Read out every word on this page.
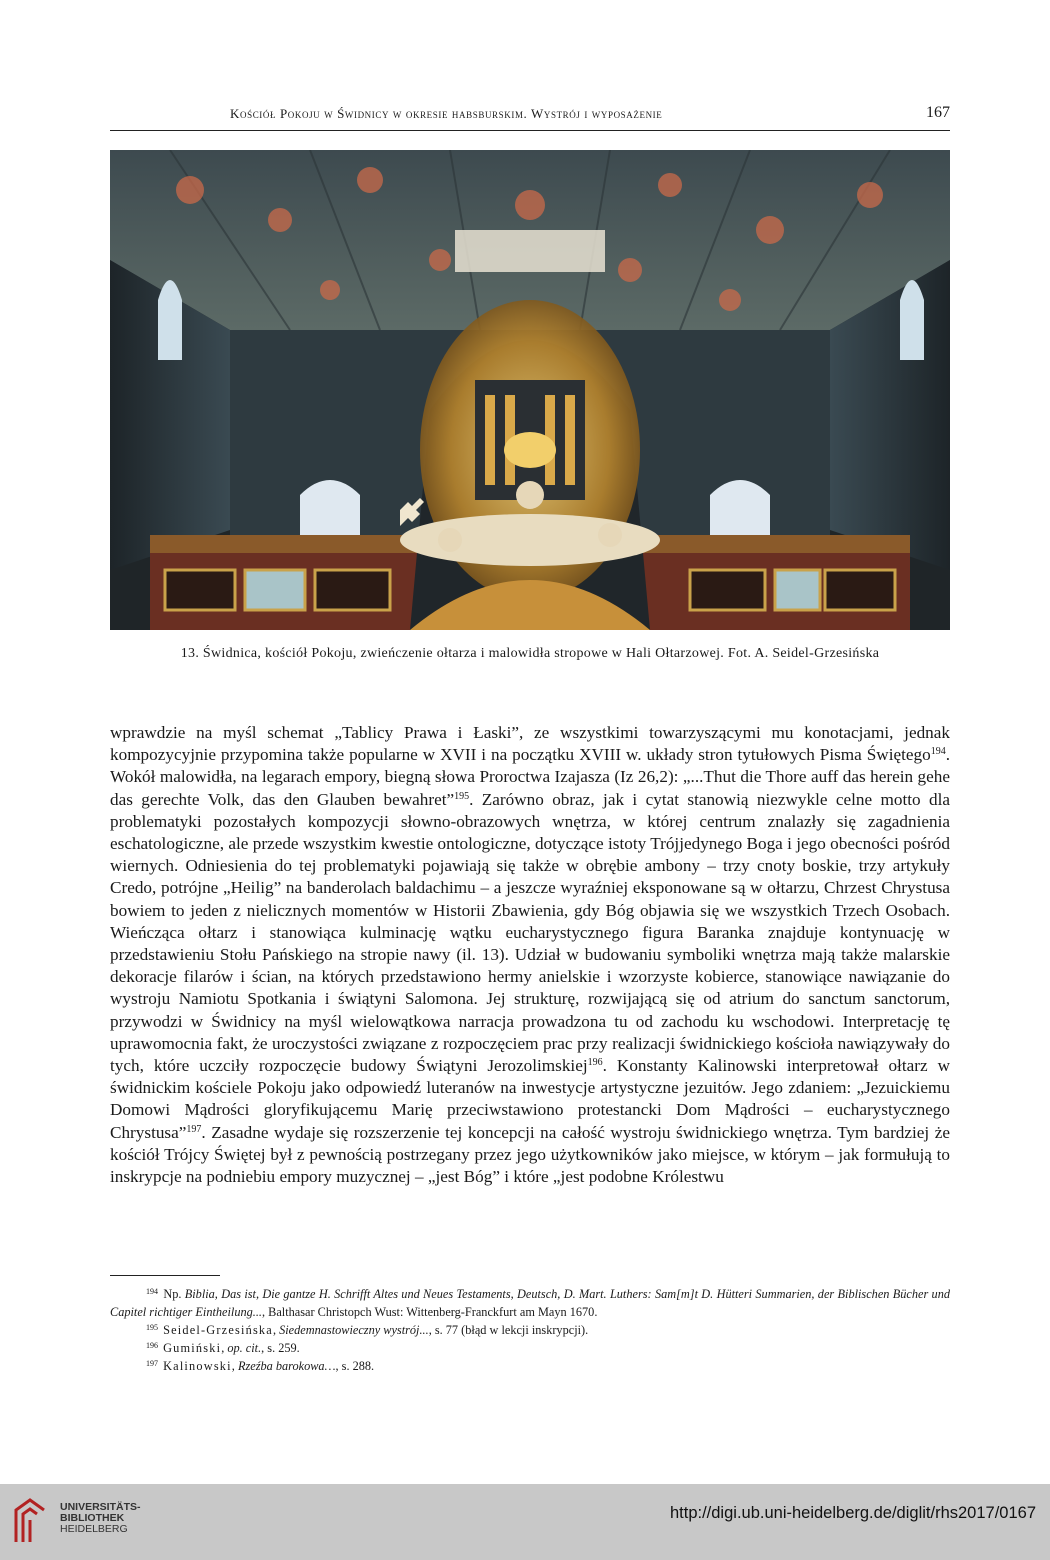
Kościół Pokoju w Świdnicy w okresie habsburskim. Wystrój i wyposażenie	167
13. Świdnica, kościół Pokoju, zwieńczenie ołtarza i malowidła stropowe w Hali Ołtarzowej. Fot. A. Seidel-Grzesińska

wprawdzie na myśl schemat „Tablicy Prawa i Łaski”, ze wszystkimi towarzyszącymi mu konotacjami, jednak kompozycyjnie przypomina także popularne w XVII i na początku XVIII w. układy stron tytułowych Pisma Świętego$^{194}$. Wokół malowidła, na legarach empory, biegną słowa Proroctwa Izajasza (Iz 26,2): „...Thut die Thore auff das herein gehe das gerechte Volk, das den Glauben bewahret”$^{195}$. Zarówno obraz, jak i cytat stanowią niezwykle celne motto dla problematyki pozostałych kompozycji słowno-obrazowych wnętrza, w której centrum znalazły się zagadnienia eschatologiczne, ale przede wszystkim kwestie ontologiczne, dotyczące istoty Trójjedynego Boga i jego obecności pośród wiernych. Odniesienia do tej problematyki pojawiają się także w obrębie ambony – trzy cnoty boskie, trzy artykuły Credo, potrójne „Heilig” na banderolach baldachimu – a jeszcze wyraźniej eksponowane są w ołtarzu, Chrzest Chrystusa bowiem to jeden z nielicznych momentów w Historii Zbawienia, gdy Bóg objawia się we wszystkich Trzech Osobach. Wieńcząca ołtarz i stanowiąca kulminację wątku eucharystycznego figura Baranka znajduje kontynuację w przedstawieniu Stołu Pańskiego na stropie nawy (il. 13). Udział w budowaniu symboliki wnętrza mają także malarskie dekoracje filarów i ścian, na których przedstawiono hermy anielskie i wzorzyste kobierce, stanowiące nawiązanie do wystroju Namiotu Spotkania i świątyni Salomona. Jej strukturę, rozwijającą się od atrium do sanctum sanctorum, przywodzi w Świdnicy na myśl wielowątkowa narracja prowadzona tu od zachodu ku wschodowi. Interpretację tę uprawomocnia fakt, że uroczystości związane z rozpoczęciem prac przy realizacji świdnickiego kościoła nawiązywały do tych, które uczciły rozpoczęcie budowy Świątyni Jerozolimskiej$^{196}$. Konstanty Kalinowski interpretował ołtarz w świdnickim kościele Pokoju jako odpowiedź luteranów na inwestycje artystyczne jezuitów. Jego zdaniem: „Jezuickiemu Domowi Mądrości gloryfikującemu Marię przeciwstawiono protestancki Dom Mądrości – eucharystycznego Chrystusa”$^{197}$. Zasadne wydaje się rozszerzenie tej koncepcji na całość wystroju świdnickiego wnętrza. Tym bardziej że kościół Trójcy Świętej był z pewnością postrzegany przez jego użytkowników jako miejsce, w którym – jak formułują to inskrypcje na podniebiu empory muzycznej – „jest Bóg” i które „jest podobne Królestwu

$^{194}$ Np. Biblia, Das ist, Die gantze H. Schrifft Altes und Neues Testaments, Deutsch, D. Mart. Luthers: Sam[m]t D. Hütteri Summarien, der Biblischen Bücher und Capitel richtiger Eintheilung..., Balthasar Christopch Wust: Wittenberg-Franckfurt am Mayn 1670.

$^{195}$ Seidel-Grzesińska, Siedemnastowieczny wystrój..., s. 77 (błąd w lekcji inskrypcji).

$^{196}$ Gumiński, op. cit., s. 259.

$^{197}$ Kalinowski, Rzeźba barokowa…, s. 288.

UNIVERSITÄTS-
BIBLIOTHEK
HEIDELBERG
http://digi.ub.uni-heidelberg.de/diglit/rhs2017/0167
